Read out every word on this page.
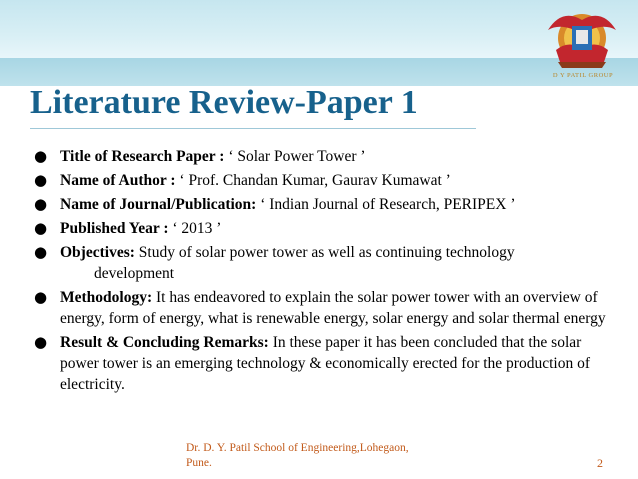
D Y PATIL GROUP
Literature Review-Paper 1
● Title of Research Paper : ‘ Solar Power Tower ’
● Name of Author : ‘ Prof. Chandan Kumar, Gaurav Kumawat ’
● Name of Journal/Publication: ‘ Indian Journal of Research, PERIPEX ’
● Published Year : ‘ 2013 ’
● Objectives: Study of solar power tower as well as continuing technology
development
● Methodology: It has endeavored to explain the solar power tower with an overview of energy, form of energy, what is renewable energy, solar energy and solar thermal energy
● Result & Concluding Remarks: In these paper it has been concluded that the solar power tower is an emerging technology & economically erected for the production of electricity.
Dr. D. Y. Patil School of Engineering,Lohegaon,
Pune.	2
